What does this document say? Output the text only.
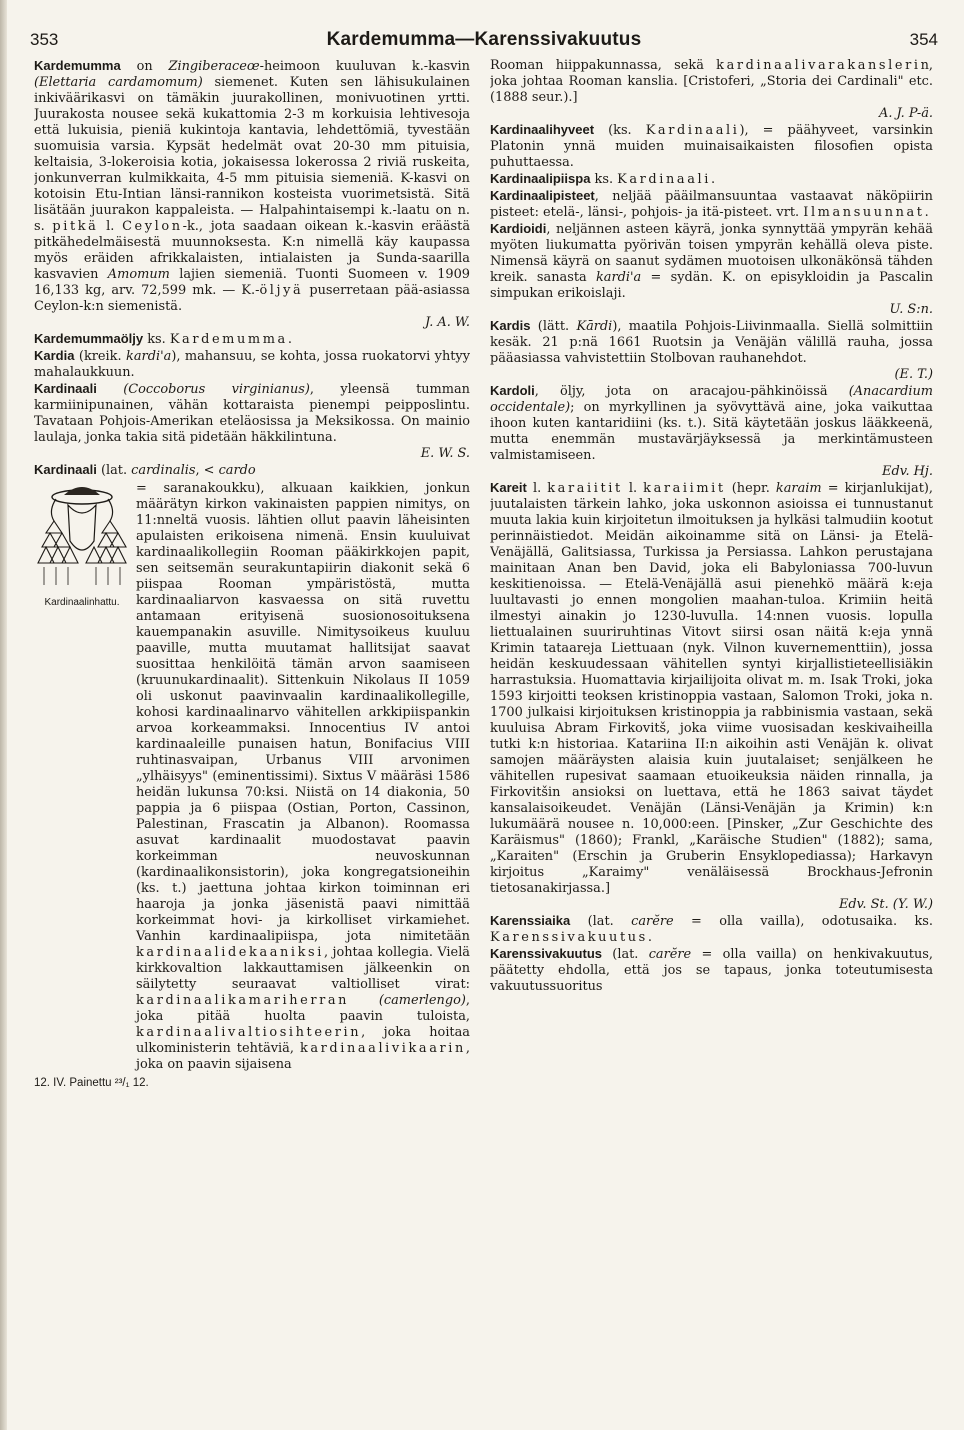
353	Kardemumma—Karenssivakuutus	354

Kardemumma on Zingiberaceœ-heimoon kuuluvan k.-kasvin (Elettaria cardamomum) siemenet. Kuten sen lähisukulainen inkiväärikasvi on tämäkin juurakollinen, monivuotinen yrtti. Juurakosta nousee sekä kukattomia 2-3 m korkuisia lehtivesoja että lukuisia, pieniä kukintoja kantavia, lehdettömiä, tyvestään suomuisia varsia. Kypsät hedelmät ovat 20-30 mm pituisia, keltaisia, 3-lokeroisia kotia, jokaisessa lokerossa 2 riviä ruskeita, jonkunverran kulmikkaita, 4-5 mm pituisia siemeniä. K-kasvi on kotoisin Etu-Intian länsi-rannikon kosteista vuorimetsistä. Sitä lisätään juurakon kappaleista. — Halpahintaisempi k.-laatu on n. s. pitkä l. Ceylon-k., jota saadaan oikean k.-kasvin eräästä pitkähedelmäisestä muunnoksesta. K:n nimellä käy kaupassa myös eräiden afrikkalaisten, intialaisten ja Sunda-saarilla kasvavien Amomum lajien siemeniä. Tuonti Suomeen v. 1909 16,133 kg, arv. 72,599 mk. — K.-öljyä puserretaan pää-asiassa Ceylon-k:n siemenistä.
J. A. W.

Kardemummaöljy ks. Kardemumma.

Kardia (kreik. kardi'a), mahansuu, se kohta, jossa ruokatorvi yhtyy mahalaukkuun.

Kardinaali (Coccoborus virginianus), yleensä tumman karmiinipunainen, vähän kottaraista pienempi peipposlintu. Tavataan Pohjois-Amerikan eteläosissa ja Meksikossa. On mainio laulaja, jonka takia sitä pidetään häkkilintuna.
E. W. S.

Kardinaali (lat. cardinalis, < cardo

Kardinaalinhattu.
= saranakoukku), alkuaan kaikkien, jonkun määrätyn kirkon vakinaisten pappien nimitys, on 11:nneltä vuosis. lähtien ollut paavin läheisinten apulaisten erikoisena nimenä. Ensin kuuluivat kardinaalikollegiin Rooman pääkirkkojen papit, sen seitsemän seurakuntapiirin diakonit sekä 6 piispaa Rooman ympäristöstä, mutta kardinaaliarvon kasvaessa on sitä ruvettu antamaan erityisenä suosionosoituksena kauempanakin asuville. Nimitysoikeus kuuluu paaville, mutta muutamat hallitsijat saavat suosittaa henkilöitä tämän arvon saamiseen (kruunukardinaalit). Sittenkuin Nikolaus II 1059 oli uskonut paavinvaalin kardinaalikollegille, kohosi kardinaalinarvo vähitellen arkkipiispankin arvoa korkeammaksi. Innocentius IV antoi kardinaaleille punaisen hatun, Bonifacius VIII ruhtinasvaipan, Urbanus VIII arvonimen „ylhäisyys" (eminentissimi). Sixtus V määräsi 1586 heidän lukunsa 70:ksi. Niistä on 14 diakonia, 50 pappia ja 6 piispaa (Ostian, Porton, Cassinon, Palestinan, Frascatin ja Albanon). Roomassa asuvat kardinaalit muodostavat paavin korkeimman neuvoskunnan (kardinaalikonsistorin), joka kongregatsioneihin (ks. t.) jaettuna johtaa kirkon toiminnan eri haaroja ja jonka jäsenistä paavi nimittää korkeimmat hovi- ja kirkolliset virkamiehet. Vanhin kardinaalipiispa, jota nimitetään kardinaalidekaaniksi, johtaa kollegia. Vielä kirkkovaltion lakkauttamisen jälkeenkin on säilytetty seuraavat valtiolliset virat: kardinaalikamariherran (camerlengo), joka pitää huolta paavin tuloista, kardinaalivaltiosihteerin, joka hoitaa ulkoministerin tehtäviä, kardinaalivikaarin, joka on paavin sijaisena
12. IV. Painettu ²³/₁ 12.

Rooman hiippakunnassa, sekä kardinaalivarakanslerin, joka johtaa Rooman kanslia. [Cristoferi, „Storia dei Cardinali" etc. (1888 seur.).]
A. J. P-ä.

Kardinaalihyveet (ks. Kardinaali), = päähyveet, varsinkin Platonin ynnä muiden muinaisaikaisten filosofien opista puhuttaessa.

Kardinaalipiispa ks. Kardinaali.

Kardinaalipisteet, neljää pääilmansuuntaa vastaavat näköpiirin pisteet: etelä-, länsi-, pohjois- ja itä-pisteet. vrt. Ilmansuunnat.

Kardioidi, neljännen asteen käyrä, jonka synnyttää ympyrän kehää myöten liukumatta pyörivän toisen ympyrän kehällä oleva piste. Nimensä käyrä on saanut sydämen muotoisen ulkonäkönsä tähden kreik. sanasta kardi'a = sydän. K. on episykloidin ja Pascalin simpukan erikoislaji.
U. S:n.

Kardis (lätt. Kārdi), maatila Pohjois-Liivinmaalla. Siellä solmittiin kesäk. 21 p:nä 1661 Ruotsin ja Venäjän välillä rauha, jossa pääasiassa vahvistettiin Stolbovan rauhanehdot.
(E. T.)

Kardoli, öljy, jota on aracajou-pähkinöissä (Anacardium occidentale); on myrkyllinen ja syövyttävä aine, joka vaikuttaa ihoon kuten kantaridiini (ks. t.). Sitä käytetään joskus lääkkeenä, mutta enemmän mustavärjäyksessä ja merkintämusteen valmistamiseen.
Edv. Hj.

Kareit l. karaiitit l. karaiimit (hepr. karaim = kirjanlukijat), juutalaisten tärkein lahko, joka uskonnon asioissa ei tunnustanut muuta lakia kuin kirjoitetun ilmoituksen ja hylkäsi talmudiin kootut perinnäistiedot. Meidän aikoinamme sitä on Länsi- ja Etelä-Venäjällä, Galitsiassa, Turkissa ja Persiassa. Lahkon perustajana mainitaan Anan ben David, joka eli Babyloniassa 700-luvun keskitienoissa. — Etelä-Venäjällä asui pienehkö määrä k:eja luultavasti jo ennen mongolien maahan-tuloa. Krimiin heitä ilmestyi ainakin jo 1230-luvulla. 14:nnen vuosis. lopulla liettualainen suuriruhtinas Vitovt siirsi osan näitä k:eja ynnä Krimin tataareja Liettuaan (nyk. Vilnon kuvernementtiin), jossa heidän keskuudessaan vähitellen syntyi kirjallistieteellisiäkin harrastuksia. Huomattavia kirjailijoita olivat m. m. Isak Troki, joka 1593 kirjoitti teoksen kristinoppia vastaan, Salomon Troki, joka n. 1700 julkaisi kirjoituksen kristinoppia ja rabbinismia vastaan, sekä kuuluisa Abram Firkovitš, joka viime vuosisadan keskivaiheilla tutki k:n historiaa. Katariina II:n aikoihin asti Venäjän k. olivat samojen määräysten alaisia kuin juutalaiset; senjälkeen he vähitellen rupesivat saamaan etuoikeuksia näiden rinnalla, ja Firkovitšin ansioksi on luettava, että he 1863 saivat täydet kansalaisoikeudet. Venäjän (Länsi-Venäjän ja Krimin) k:n lukumäärä nousee n. 10,000:een. [Pinsker, „Zur Geschichte des Karäismus" (1860); Frankl, „Karäische Studien" (1882); sama, „Karaiten" (Erschin ja Gruberin Ensyklopediassa); Harkavyn kirjoitus „Karaimy" venäläisessä Brockhaus-Jefronin tietosanakirjassa.]
Edv. St. (Y. W.)

Karenssiaika (lat. carĕre = olla vailla), odotusaika. ks. Karenssivakuutus.

Karenssivakuutus (lat. carĕre = olla vailla) on henkivakuutus, päätetty ehdolla, että jos se tapaus, jonka toteutumisesta vakuutussuoritus
